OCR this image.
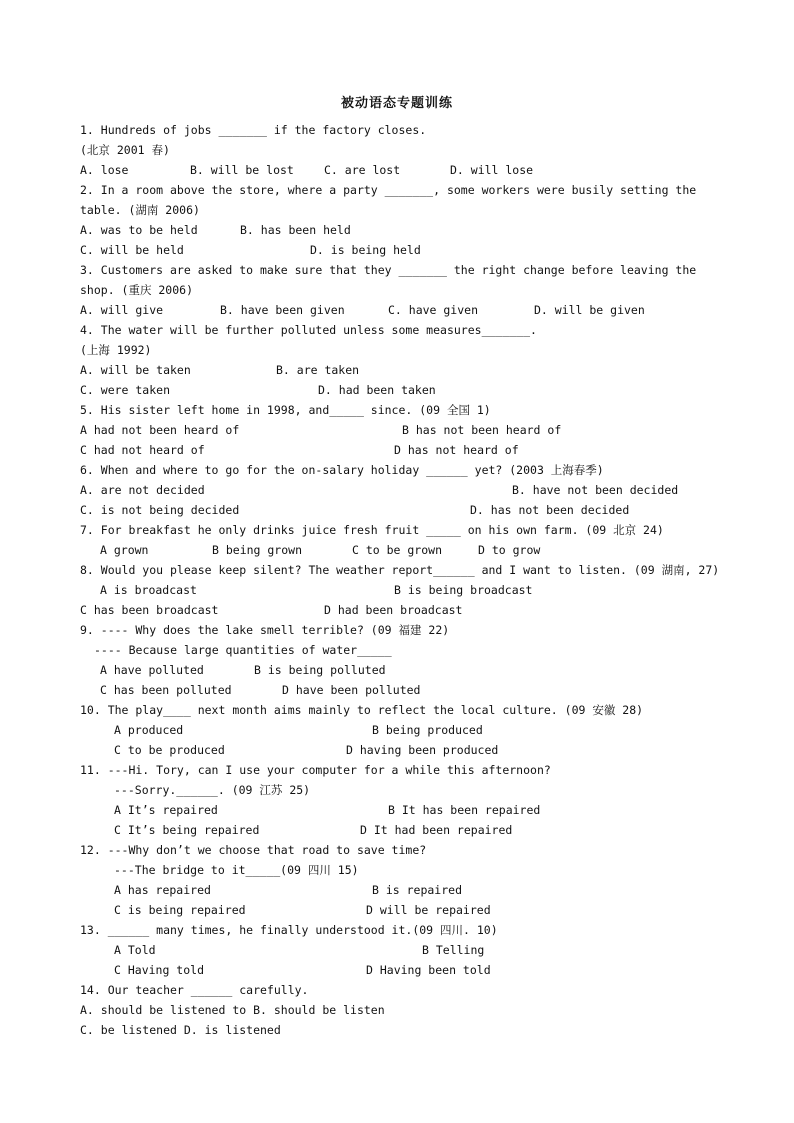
被动语态专题训练
1. Hundreds of jobs _______ if the factory closes.
(北京 2001 春)
A. lose	B. will be lost	C. are lost	D. will lose
2. In a room above the store, where a party _______, some workers were busily setting the
table. (湖南 2006)
A. was to be held	B. has been held
C. will be held	D. is being held
3. Customers are asked to make sure that they _______ the right change before leaving the
shop. (重庆 2006)
A. will give	B. have been given	C. have given	D. will be given
4. The water will be further polluted unless some measures_______.
(上海 1992)
A. will be taken	B. are taken
C. were taken	D. had been taken
5. His sister left home in 1998, and_____ since. (09 全国 1)
A had not been heard of	B has not been heard of
C had not heard of	D has not heard of
6. When and where to go for the on-salary holiday ______ yet? (2003 上海春季)
A. are not decided	B. have not been decided
C. is not being decided	D. has not been decided
7. For breakfast he only drinks juice fresh fruit _____ on his own farm. (09 北京 24)
A grown	B being grown	C to be grown	D to grow
8. Would you please keep silent? The weather report______ and I want to listen. (09 湖南, 27)
A is broadcast	B is being broadcast
C has been broadcast	D had been broadcast
9. ---- Why does the lake smell terrible? (09 福建 22)
---- Because large quantities of water_____
A have polluted	B is being polluted
C has been polluted	D have been polluted
10. The play____ next month aims mainly to reflect the local culture. (09 安徽 28)
A produced	B being produced
C to be produced	D having been produced
11. ---Hi. Tory, can I use your computer for a while this afternoon?
---Sorry.______. (09 江苏 25)
A It’s repaired	B It has been repaired
C It’s being repaired	D It had been repaired
12. ---Why don’t we choose that road to save time?
---The bridge to it_____(09 四川 15)
A has repaired	B is repaired
C is being repaired	D will be repaired
13. ______ many times, he finally understood it.(09 四川. 10)
A Told	B Telling
C Having told	D Having been told
14. Our teacher ______ carefully.
A. should be listened to B. should be listen
C. be listened D. is listened
